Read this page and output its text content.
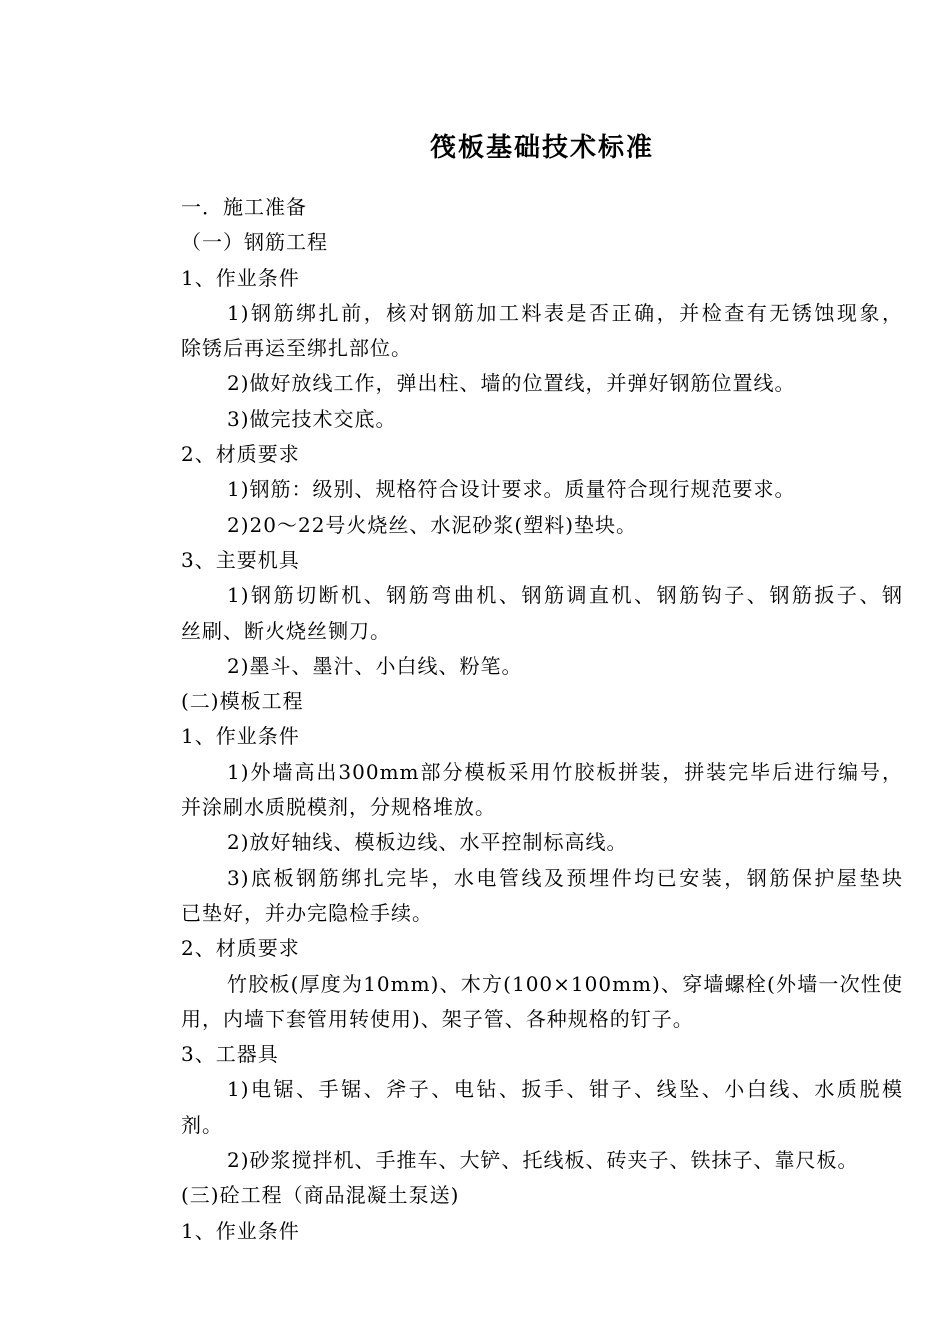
筏板基础技术标准
一．施工准备
（一）钢筋工程
1、作业条件
1)钢筋绑扎前，核对钢筋加工料表是否正确，并检查有无锈蚀现象，
除锈后再运至绑扎部位。
2)做好放线工作，弹出柱、墙的位置线，并弹好钢筋位置线。
3)做完技术交底。
2、材质要求
1)钢筋：级别、规格符合设计要求。质量符合现行规范要求。
2)20～22号火烧丝、水泥砂浆(塑料)垫块。
3、主要机具
1)钢筋切断机、钢筋弯曲机、钢筋调直机、钢筋钩子、钢筋扳子、钢
丝刷、断火烧丝铡刀。
2)墨斗、墨汁、小白线、粉笔。
(二)模板工程
1、作业条件
1)外墙高出300mm部分模板采用竹胶板拼装，拼装完毕后进行编号，
并涂刷水质脱模剂，分规格堆放。
2)放好轴线、模板边线、水平控制标高线。
3)底板钢筋绑扎完毕，水电管线及预埋件均已安装，钢筋保护屋垫块
已垫好，并办完隐检手续。
2、材质要求
竹胶板(厚度为10mm)、木方(100×100mm)、穿墙螺栓(外墙一次性使
用，内墙下套管用转使用)、架子管、各种规格的钉子。
3、工器具
1)电锯、手锯、斧子、电钻、扳手、钳子、线坠、小白线、水质脱模
剂。
2)砂浆搅拌机、手推车、大铲、托线板、砖夹子、铁抹子、靠尺板。
(三)砼工程（商品混凝土泵送)
1、作业条件
